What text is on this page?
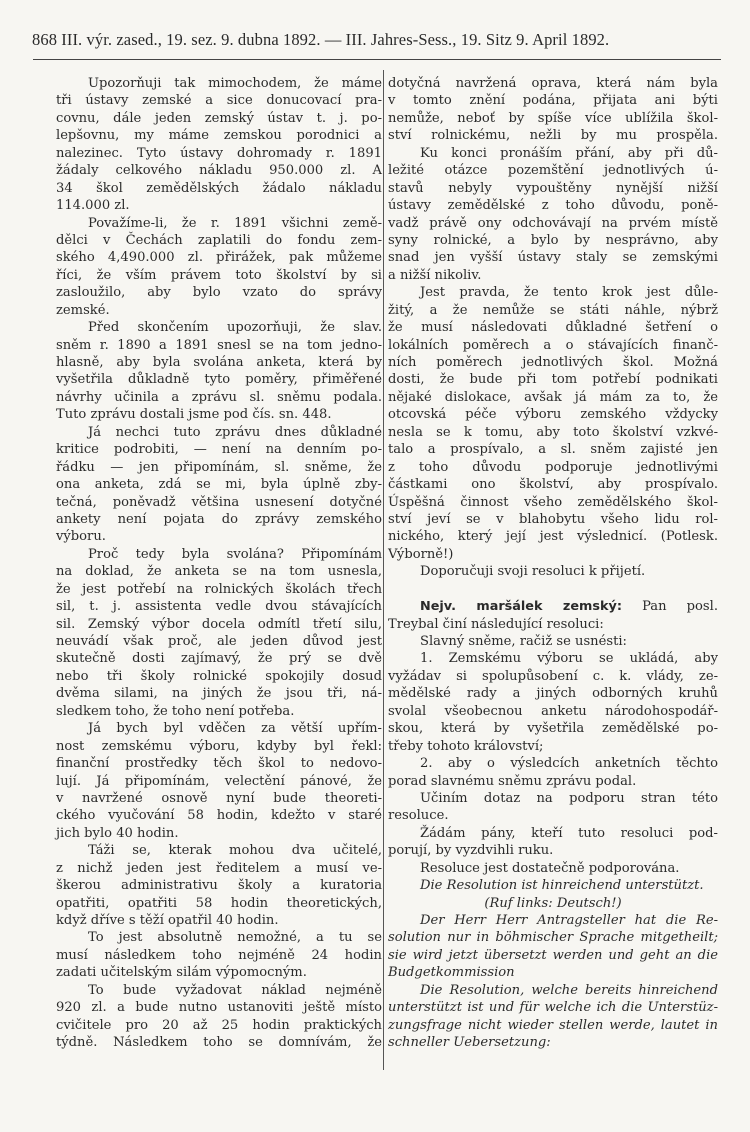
868 III. výr. zased., 19. sez. 9. dubna 1892. — III. Jahres-Sess., 19. Sitz 9. April 1892.
Upozorňuji tak mimochodem, že máme
tři ústavy zemské a sice donucovací pra-
covnu, dále jeden zemský ústav t. j. po-
lepšovnu, my máme zemskou porodnici a
nalezinec. Tyto ústavy dohromady r. 1891
žádaly celkového nákladu 950.000 zl. A
34 škol zemědělských žádalo nákladu
114.000 zl.
Považíme-li, že r. 1891 všichni země-
dělci v Čechách zaplatili do fondu zem-
ského 4,490.000 zl. přirážek, pak můžeme
říci, že vším právem toto školství by si
zasloužilo, aby bylo vzato do správy
zemské.
Před skončením upozorňuji, že slav.
sněm r. 1890 a 1891 snesl se na tom jedno-
hlasně, aby byla svolána anketa, která by
vyšetřila důkladně tyto poměry, přiměřené
návrhy učinila a zprávu sl. sněmu podala.
Tuto zprávu dostali jsme pod čís. sn. 448.
Já nechci tuto zprávu dnes důkladné
kritice podrobiti, — není na denním po-
řádku — jen připomínám, sl. sněme, že
ona anketa, zdá se mi, byla úplně zby-
tečná, poněvadž většina usnesení dotyčné
ankety není pojata do zprávy zemského
výboru.
Proč tedy byla svolána? Připomínám
na doklad, že anketa se na tom usnesla,
že jest potřebí na rolnických školách třech
sil, t. j. assistenta vedle dvou stávajících
sil. Zemský výbor docela odmítl třetí silu,
neuvádí však proč, ale jeden důvod jest
skutečně dosti zajímavý, že prý se dvě
nebo tři školy rolnické spokojily dosud
dvěma silami, na jiných že jsou tři, ná-
sledkem toho, že toho není potřeba.
Já bych byl vděčen za větší upřím-
nost zemskému výboru, kdyby byl řekl:
finanční prostředky těch škol to nedovo-
lují. Já připomínám, velectění pánové, že
v navržené osnově nyní bude theoreti-
ckého vyučování 58 hodin, kdežto v staré
jich bylo 40 hodin.
Táži se, kterak mohou dva učitelé,
z nichž jeden jest ředitelem a musí ve-
škerou administrativu školy a kuratoria
opatřiti, opatřiti 58 hodin theoretických,
když dříve s těží opatřil 40 hodin.
To jest absolutně nemožné, a tu se
musí následkem toho nejméně 24 hodin
zadati učitelským silám výpomocným.
To bude vyžadovat náklad nejméně
920 zl. a bude nutno ustanoviti ještě místo
cvičitele pro 20 až 25 hodin praktických
týdně. Následkem toho se domnívám, že
dotyčná navržená oprava, která nám byla
v tomto znění podána, přijata ani býti
nemůže, neboť by spíše více ublížila škol-
ství rolnickému, nežli by mu prospěla.
Ku konci pronáším přání, aby při dů-
ležité otázce pozemštění jednotlivých ú-
stavů nebyly vypouštěny nynější nižší
ústavy zemědělské z toho důvodu, poně-
vadž právě ony odchovávají na prvém místě
syny rolnické, a bylo by nesprávno, aby
snad jen vyšší ústavy staly se zemskými
a nižší nikoliv.
Jest pravda, že tento krok jest důle-
žitý, a že nemůže se státi náhle, nýbrž
že musí následovati důkladné šetření o
lokálních poměrech a o stávajících finanč-
ních poměrech jednotlivých škol. Možná
dosti, že bude při tom potřebí podnikati
nějaké dislokace, avšak já mám za to, že
otcovská péče výboru zemského vždycky
nesla se k tomu, aby toto školství vzkvé-
talo a prospívalo, a sl. sněm zajisté jen
z toho důvodu podporuje jednotlivými
částkami ono školství, aby prospívalo.
Úspěšná činnost všeho zemědělského škol-
ství jeví se v blahobytu všeho lidu rol-
nického, který její jest výslednicí. (Potlesk.
Výborně!)
Doporučuji svoji resoluci k přijetí.
Nejv. maršálek zemský: Pan posl.
Treybal činí následující resoluci:
Slavný sněme, račiž se usnésti:
1. Zemskému výboru se ukládá, aby
vyžádav si spolupůsobení c. k. vlády, ze-
mědělské rady a jiných odborných kruhů
svolal všeobecnou anketu národohospodář-
skou, která by vyšetřila zemědělské po-
třeby tohoto království;
2. aby o výsledcích anketních těchto
porad slavnému sněmu zprávu podal.
Učiním dotaz na podporu stran této
resoluce.
Žádám pány, kteří tuto resoluci pod-
porují, by vyzdvihli ruku.
Resoluce jest dostatečně podporována.
Die Resolution ist hinreichend unterstützt.
(Ruf links: Deutsch!)
Der Herr Herr Antragsteller hat die Re-
solution nur in böhmischer Sprache mitgetheilt;
sie wird jetzt übersetzt werden und geht an die
Budgetkommission
Die Resolution, welche bereits hinreichend
unterstützt ist und für welche ich die Unterstüz-
zungsfrage nicht wieder stellen werde, lautet in
schneller Uebersetzung:
